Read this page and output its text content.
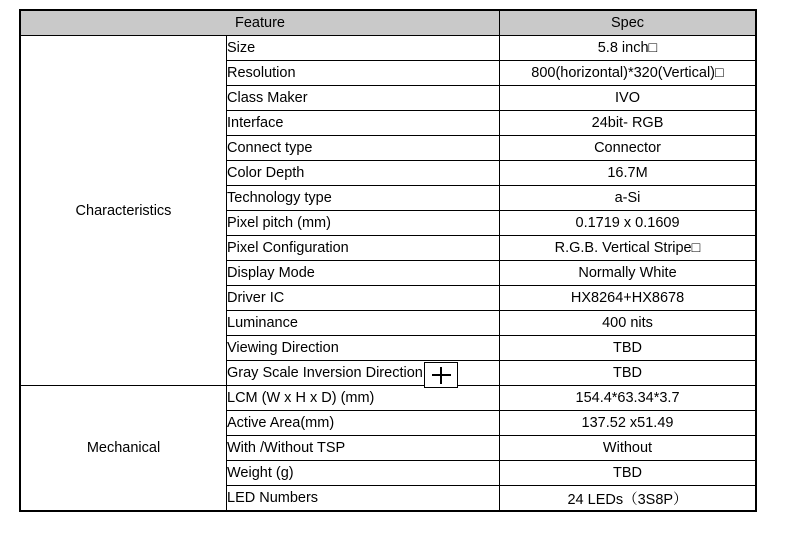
Feature		Spec
Characteristics	Size	5.8 inch□
	Resolution	800(horizontal)*320(Vertical)□
	Class Maker	IVO
	Interface	24bit- RGB
	Connect type	Connector
	Color Depth	16.7M
	Technology type	a-Si
	Pixel pitch (mm)	0.1719 x 0.1609
	Pixel Configuration	R.G.B. Vertical Stripe□
	Display Mode	Normally White
	Driver IC	HX8264+HX8678
	Luminance	400 nits
	Viewing Direction	TBD
	Gray Scale Inversion Direction	TBD
Mechanical	LCM (W x H x D) (mm)	154.4*63.34*3.7
	Active Area(mm)	137.52 x51.49
	With /Without TSP	Without
	Weight (g)	TBD
	LED Numbers	24 LEDs（3S8P）
